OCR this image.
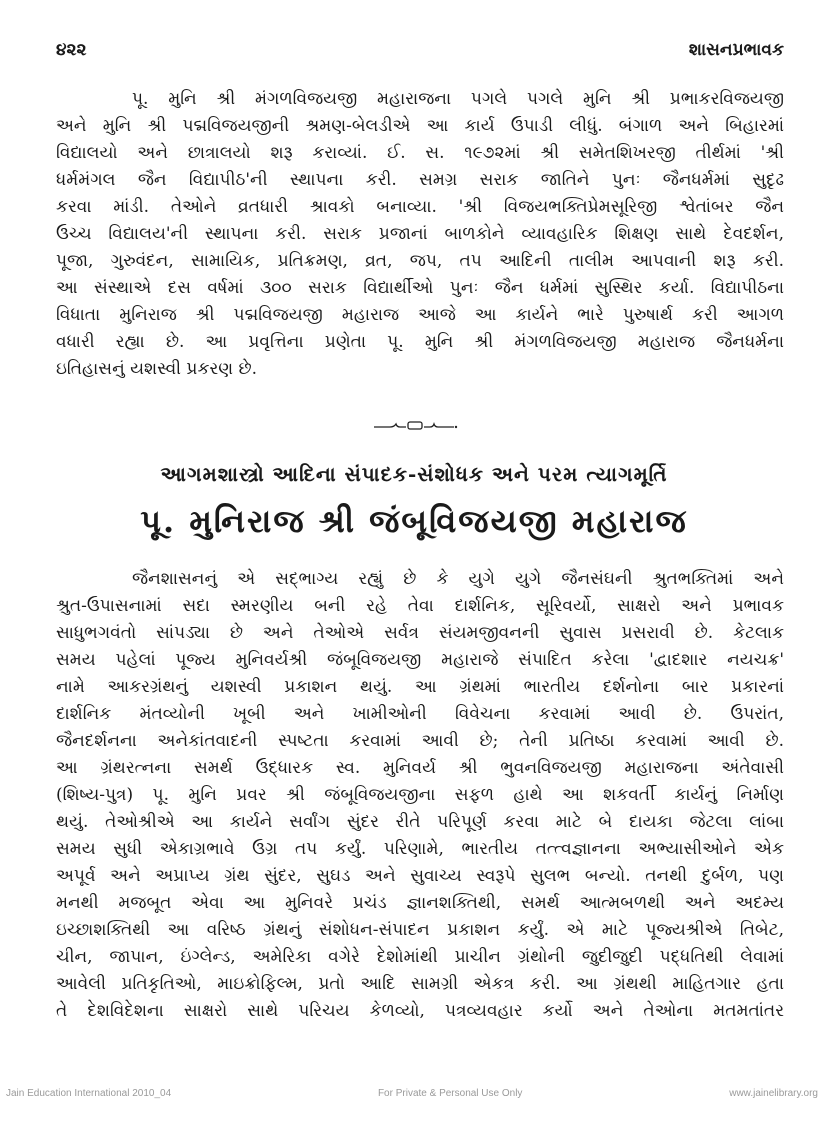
૪૨૨	શાસનપ્રભાવક
પૂ. મુનિ શ્રી મંગળવિજયજી મહારાજના પગલે પગલે મુનિ શ્રી પ્રભાકરવિજયજી
અને મુનિ શ્રી પદ્મવિજયજીની શ્રમણ-બેલડીએ આ કાર્ય ઉપાડી લીધું. બંગાળ અને બિહારમાં
વિદ્યાલયો અને છાત્રાલયો શરૂ કરાવ્યાં. ઈ. સ. ૧૯૭૨માં શ્રી સમેતશિખરજી તીર્થમાં 'શ્રી
ધર્મમંગલ જૈન વિદ્યાપીઠ'ની સ્થાપના કરી. સમગ્ર સરાક જાતિને પુનઃ જૈનધર્મમાં સુદૃઢ
કરવા માંડી. તેઓને વ્રતધારી શ્રાવકો બનાવ્યા. 'શ્રી વિજયભક્તિપ્રેમસૂરિજી શ્વેતાંબર જૈન
ઉચ્ચ વિદ્યાલય'ની સ્થાપના કરી. સરાક પ્રજાનાં બાળકોને વ્યાવહારિક શિક્ષણ સાથે દેવદર્શન,
પૂજા, ગુરુવંદન, સામાયિક, પ્રતિક્રમણ, વ્રત, જપ, તપ આદિની તાલીમ આપવાની શરૂ કરી.
આ સંસ્થાએ દસ વર્ષમાં ૩૦૦ સરાક વિદ્યાર્થીઓ પુનઃ જૈન ધર્મમાં સુસ્થિર કર્યા. વિદ્યાપીઠના
વિધાતા મુનિરાજ શ્રી પદ્મવિજયજી મહારાજ આજે આ કાર્યને ભારે પુરુષાર્થ કરી આગળ
વધારી રહ્યા છે. આ પ્રવૃત્તિના પ્રણેતા પૂ. મુનિ શ્રી મંગળવિજયજી મહારાજ જૈનધર્મના
ઇતિહાસનું યશસ્વી પ્રકરણ છે.
આગમશાસ્ત્રો આદિના સંપાદક-સંશોધક અને પરમ ત્યાગમૂર્તિ
પૂ. મુનિરાજ શ્રી જંબૂવિજયજી મહારાજ
જૈનશાસનનું એ સદ્ભાગ્ય રહ્યું છે કે યુગે યુગે જૈનસંઘની શ્રુતભક્તિમાં અને
શ્રુત-ઉપાસનામાં સદા સ્મરણીય બની રહે તેવા દાર્શનિક, સૂરિવર્યો, સાક્ષરો અને પ્રભાવક
સાધુભગવંતો સાંપડ્યા છે અને તેઓએ સર્વત્ર સંયમજીવનની સુવાસ પ્રસરાવી છે. કેટલાક
સમય પહેલાં પૂજ્ય મુનિવર્યશ્રી જંબૂવિજયજી મહારાજે સંપાદિત કરેલા 'દ્વાદશાર નયચક્ર'
નામે આકરગ્રંથનું યશસ્વી પ્રકાશન થયું. આ ગ્રંથમાં ભારતીય દર્શનોના બાર પ્રકારનાં
દાર્શનિક મંતવ્યોની ખૂબી અને ખામીઓની વિવેચના કરવામાં આવી છે. ઉપરાંત,
જૈનદર્શનના અનેકાંતવાદની સ્પષ્ટતા કરવામાં આવી છે; તેની પ્રતિષ્ઠા કરવામાં આવી છે.
આ ગ્રંથરત્નના સમર્થ ઉદ્ધારક સ્વ. મુનિવર્ય શ્રી ભુવનવિજયજી મહારાજના અંતેવાસી
(શિષ્ય-પુત્ર) પૂ. મુનિ પ્રવર શ્રી જંબૂવિજયજીના સફળ હાથે આ શકવર્તી કાર્યનું નિર્માણ
થયું. તેઓશ્રીએ આ કાર્યને સર્વાંગ સુંદર રીતે પરિપૂર્ણ કરવા માટે બે દાયકા જેટલા લાંબા
સમય સુધી એકાગ્રભાવે ઉગ્ર તપ કર્યું. પરિણામે, ભારતીય તત્ત્વજ્ઞાનના અભ્યાસીઓને એક
અપૂર્વ અને અપ્રાપ્ય ગ્રંથ સુંદર, સુઘડ અને સુવાચ્ય સ્વરૂપે સુલભ બન્યો. તનથી દુર્બળ, પણ
મનથી મજબૂત એવા આ મુનિવરે પ્રચંડ જ્ઞાનશક્તિથી, સમર્થ આત્મબળથી અને અદમ્ય
ઇચ્છાશક્તિથી આ વરિષ્ઠ ગ્રંથનું સંશોધન-સંપાદન પ્રકાશન કર્યું. એ માટે પૂજ્યશ્રીએ તિબેટ,
ચીન, જાપાન, ઇંગ્લેન્ડ, અમેરિકા વગેરે દેશોમાંથી પ્રાચીન ગ્રંથોની જુદીજુદી પદ્ધતિથી લેવામાં
આવેલી પ્રતિકૃતિઓ, માઇક્રોફિલ્મ, પ્રતો આદિ સામગ્રી એકત્ર કરી. આ ગ્રંથથી માહિતગાર હતા
તે દેશવિદેશના સાક્ષરો સાથે પરિચય કેળવ્યો, પત્રવ્યવહાર કર્યો અને તેઓના મતમતાંતર
Jain Education International 2010_04	For Private & Personal Use Only	www.jainelibrary.org
